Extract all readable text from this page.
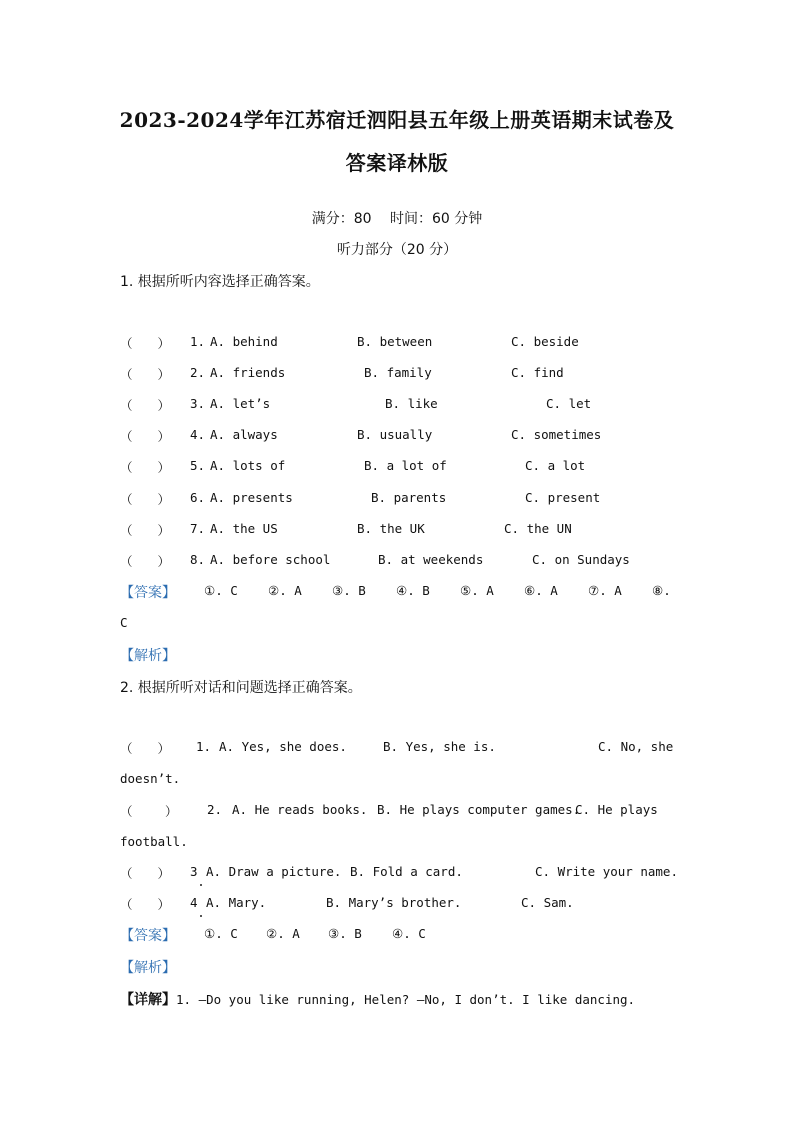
2023-2024学年江苏宿迁泗阳县五年级上册英语期末试卷及
答案译林版
满分：80　 时间：60 分钟
听力部分（20 分）
1. 根据所听内容选择正确答案。
（　　） 1. A. behind	B. between	C. beside
（　　） 2. A. friends	B. family	C. find
（　　） 3. A. let’s	B. like	C. let
（　　） 4. A. always	B. usually	C. sometimes
（　　） 5. A. lots of	B. a lot of	C. a lot
（　　） 6. A. presents	B. parents	C. present
（　　） 7. A. the US	B. the UK	C. the UN
（　　） 8. A. before school	B. at weekends	C. on Sundays
【答案】 ①. C ②. A ③. B ④. B ⑤. A ⑥. A ⑦. A ⑧.
C
【解析】
2. 根据所听对话和问题选择正确答案。
（　　） 1. A. Yes, she does.	B. Yes, she is.	C. No, she
doesn’t.
（　　 ） 2. A. He reads books. B. He plays computer games.
C. He plays
football.
（　　） 3 A. Draw a picture. B. Fold a card.	C. Write your name.
（　　） 4 A. Mary.	B. Mary’s brother.	C. Sam.
【答案】 ①. C ②. A ③. B ④. C
【解析】
【详解】1. —Do you like running, Helen? —No, I don’t. I like dancing.
